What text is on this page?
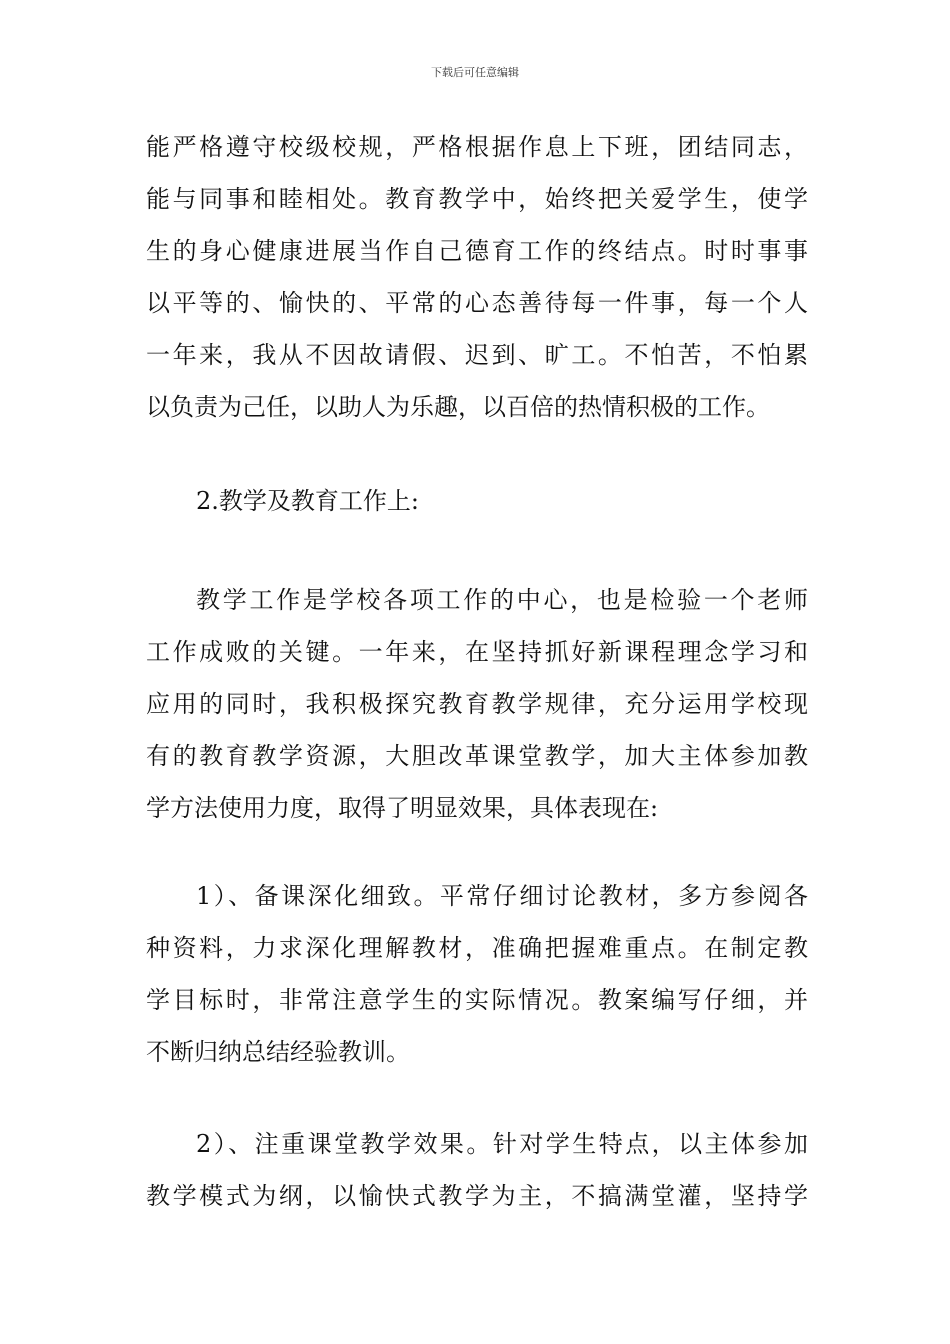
下载后可任意编辑
能严格遵守校级校规，严格根据作息上下班，团结同志，
能与同事和睦相处。教育教学中，始终把关爱学生，使学
生的身心健康进展当作自己德育工作的终结点。时时事事
以平等的、愉快的、平常的心态善待每一件事，每一个人
一年来，我从不因故请假、迟到、旷工。不怕苦，不怕累
以负责为己任，以助人为乐趣，以百倍的热情积极的工作。
2.教学及教育工作上:
教学工作是学校各项工作的中心，也是检验一个老师
工作成败的关键。一年来，在坚持抓好新课程理念学习和
应用的同时，我积极探究教育教学规律，充分运用学校现
有的教育教学资源，大胆改革课堂教学，加大主体参加教
学方法使用力度，取得了明显效果，具体表现在:
1）、备课深化细致。平常仔细讨论教材，多方参阅各
种资料，力求深化理解教材，准确把握难重点。在制定教
学目标时，非常注意学生的实际情况。教案编写仔细，并
不断归纳总结经验教训。
2）、注重课堂教学效果。针对学生特点，以主体参加
教学模式为纲，以愉快式教学为主，不搞满堂灌，坚持学
